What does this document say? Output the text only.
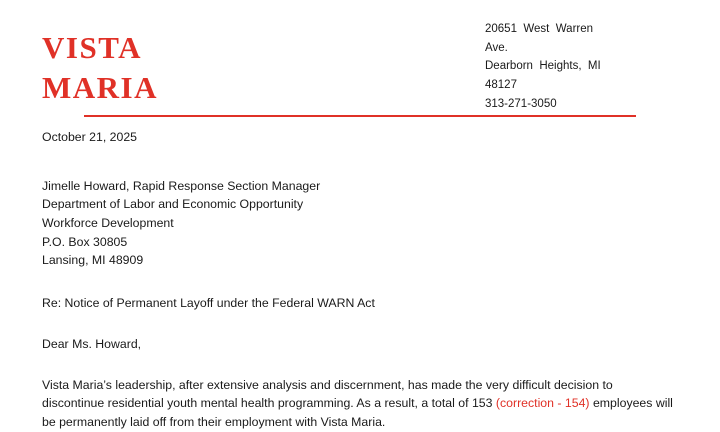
VISTA
MARIA
20651  West  Warren
Ave.
Dearborn  Heights,  MI
48127
313-271-3050

October 21, 2025

Jimelle Howard, Rapid Response Section Manager
Department of Labor and Economic Opportunity
Workforce Development
P.O. Box 30805
Lansing, MI 48909

Re: Notice of Permanent Layoff under the Federal WARN Act

Dear Ms. Howard,

Vista Maria’s leadership, after extensive analysis and discernment, has made the very difficult decision to discontinue residential youth mental health programming. As a result, a total of 153 (correction - 154) employees will be permanently laid off from their employment with Vista Maria.
